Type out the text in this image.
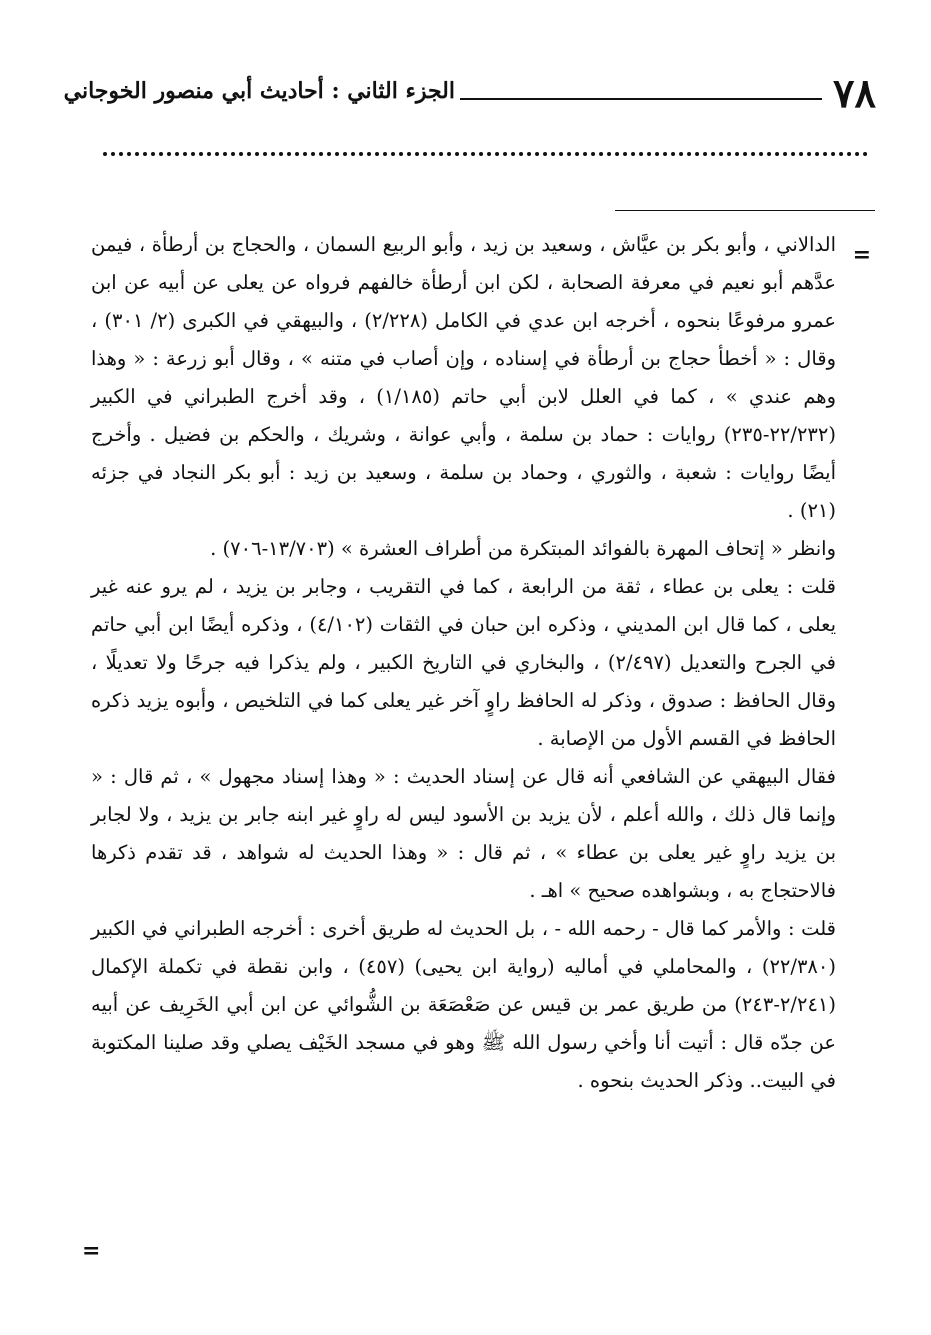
٧٨
الجزء الثاني : أحاديث أبي منصور الخوجاني
=

الدالاني ، وأبو بكر بن عيَّاش ، وسعيد بن زيد ، وأبو الربيع السمان ، والحجاج بن أرطأة ، فيمن عدَّهم أبو نعيم في معرفة الصحابة ، لكن ابن أرطأة خالفهم فرواه عن يعلى عن أبيه عن ابن عمرو مرفوعًا بنحوه ، أخرجه ابن عدي في الكامل (٢/٢٢٨) ، والبيهقي في الكبرى (٢/ ٣٠١) ، وقال : « أخطأ حجاج بن أرطأة في إسناده ، وإن أصاب في متنه » ، وقال أبو زرعة : « وهذا وهم عندي » ، كما في العلل لابن أبي حاتم (١/١٨٥) ، وقد أخرج الطبراني في الكبير (٢٢/٢٣٢-٢٣٥) روايات : حماد بن سلمة ، وأبي عوانة ، وشريك ، والحكم بن فضيل . وأخرج أيضًا روايات : شعبة ، والثوري ، وحماد بن سلمة ، وسعيد بن زيد : أبو بكر النجاد في جزئه (٢١) .

وانظر « إتحاف المهرة بالفوائد المبتكرة من أطراف العشرة » (١٣/٧٠٣-٧٠٦) .

قلت : يعلى بن عطاء ، ثقة من الرابعة ، كما في التقريب ، وجابر بن يزيد ، لم يرو عنه غير يعلى ، كما قال ابن المديني ، وذكره ابن حبان في الثقات (٤/١٠٢) ، وذكره أيضًا ابن أبي حاتم في الجرح والتعديل (٢/٤٩٧) ، والبخاري في التاريخ الكبير ، ولم يذكرا فيه جرحًا ولا تعديلًا ، وقال الحافظ : صدوق ، وذكر له الحافظ راوٍ آخر غير يعلى كما في التلخيص ، وأبوه يزيد ذكره الحافظ في القسم الأول من الإصابة .

فقال البيهقي عن الشافعي أنه قال عن إسناد الحديث : « وهذا إسناد مجهول » ، ثم قال : « وإنما قال ذلك ، والله أعلم ، لأن يزيد بن الأسود ليس له راوٍ غير ابنه جابر بن يزيد ، ولا لجابر بن يزيد راوٍ غير يعلى بن عطاء » ، ثم قال : « وهذا الحديث له شواهد ، قد تقدم ذكرها فالاحتجاج به ، وبشواهده صحيح » اهـ .

قلت : والأمر كما قال - رحمه الله - ، بل الحديث له طريق أخرى : أخرجه الطبراني في الكبير (٢٢/٣٨٠) ، والمحاملي في أماليه (رواية ابن يحيى) (٤٥٧) ، وابن نقطة في تكملة الإكمال (٢/٢٤١-٢٤٣) من طريق عمر بن قيس عن صَعْصَعَة بن الشُّوائي عن ابن أبي الخَرِيف عن أبيه عن جدّه قال : أتيت أنا وأخي رسول الله ﷺ وهو في مسجد الخَيْف يصلي وقد صلينا المكتوبة في البيت.. وذكر الحديث بنحوه .

=
